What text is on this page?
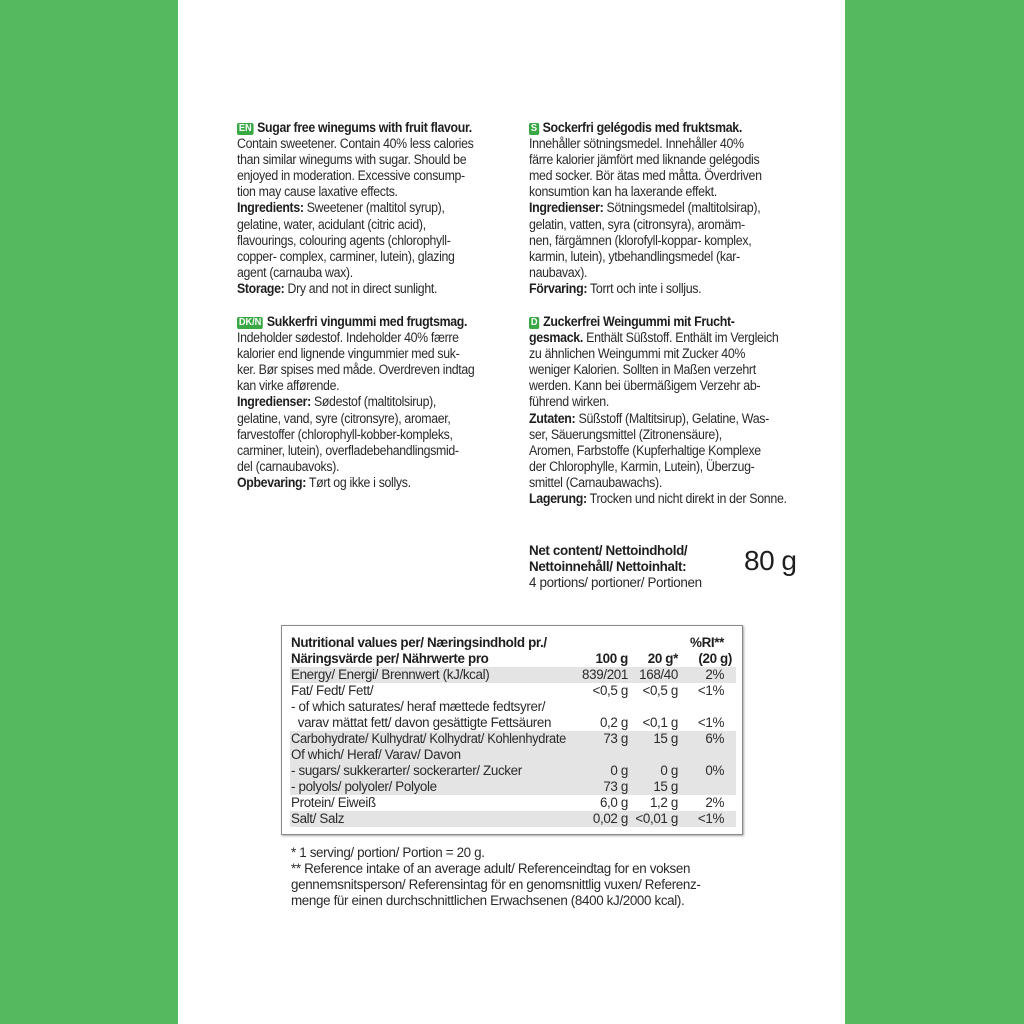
EN Sugar free winegums with fruit flavour.
Contain sweetener. Contain 40% less calories
than similar winegums with sugar. Should be
enjoyed in moderation. Excessive consump-
tion may cause laxative effects.
Ingredients: Sweetener (maltitol syrup),
gelatine, water, acidulant (citric acid),
flavourings, colouring agents (chlorophyll-
copper- complex, carminer, lutein), glazing
agent (carnauba wax).
Storage: Dry and not in direct sunlight.
S Sockerfri gelégodis med fruktsmak.
Innehåller sötningsmedel. Innehåller 40%
färre kalorier jämfört med liknande gelégodis
med socker. Bör ätas med måtta. Överdriven
konsumtion kan ha laxerande effekt.
Ingredienser: Sötningsmedel (maltitolsirap),
gelatin, vatten, syra (citronsyra), aromäm-
nen, färgämnen (klorofyll-koppar- komplex,
karmin, lutein), ytbehandlingsmedel (kar-
naubavax).
Förvaring: Torrt och inte i solljus.
DK/N Sukkerfri vingummi med frugtsmag.
Indeholder sødestof. Indeholder 40% færre
kalorier end lignende vingummier med suk-
ker. Bør spises med måde. Overdreven indtag
kan virke afførende.
Ingredienser: Sødestof (maltitolsirup),
gelatine, vand, syre (citronsyre), aromaer,
farvestoffer (chlorophyll-kobber-kompleks,
carminer, lutein), overfladebehandlingsmid-
del (carnaubavoks).
Opbevaring: Tørt og ikke i sollys.
D Zuckerfrei Weingummi mit Frucht-
gesmack. Enthält Süßstoff. Enthält im Vergleich
zu ähnlichen Weingummi mit Zucker 40%
weniger Kalorien. Sollten in Maßen verzehrt
werden. Kann bei übermäßigem Verzehr ab-
führend wirken.
Zutaten: Süßstoff (Maltitsirup), Gelatine, Was-
ser, Säuerungsmittel (Zitronensäure),
Aromen, Farbstoffe (Kupferhaltige Komplexe
der Chlorophylle, Karmin, Lutein), Überzug-
smittel (Carnaubawachs).
Lagerung: Trocken und nicht direkt in der Sonne.
Net content/ Nettoindhold/
Nettoinnehåll/ Nettoinhalt:
4 portions/ portioner/ Portionen
80 g
Nutritional values per/ Næringsindhold pr./	%RI**
Näringsvärde per/ Nährwerte pro	100 g 20 g* (20 g)
Energy/ Energi/ Brennwert (kJ/kcal)	839/201 168/40 2%
Fat/ Fedt/ Fett/	<0,5 g <0,5 g <1%
- of which saturates/ heraf mættede fedtsyrer/
varav mättat fett/ davon gesättigte Fettsäuren	0,2 g <0,1 g <1%
Carbohydrate/ Kulhydrat/ Kolhydrat/ Kohlenhydrate	73 g 15 g 6%
Of which/ Heraf/ Varav/ Davon
- sugars/ sukkerarter/ sockerarter/ Zucker	0 g 0 g 0%
- polyols/ polyoler/ Polyole	73 g 15 g
Protein/ Eiweiß	6,0 g 1,2 g 2%
Salt/ Salz	0,02 g <0,01 g <1%
* 1 serving/ portion/ Portion = 20 g.
** Reference intake of an average adult/ Referenceindtag for en voksen
gennemsnitsperson/ Referensintag för en genomsnittlig vuxen/ Referenz-
menge für einen durchschnittlichen Erwachsenen (8400 kJ/2000 kcal).
